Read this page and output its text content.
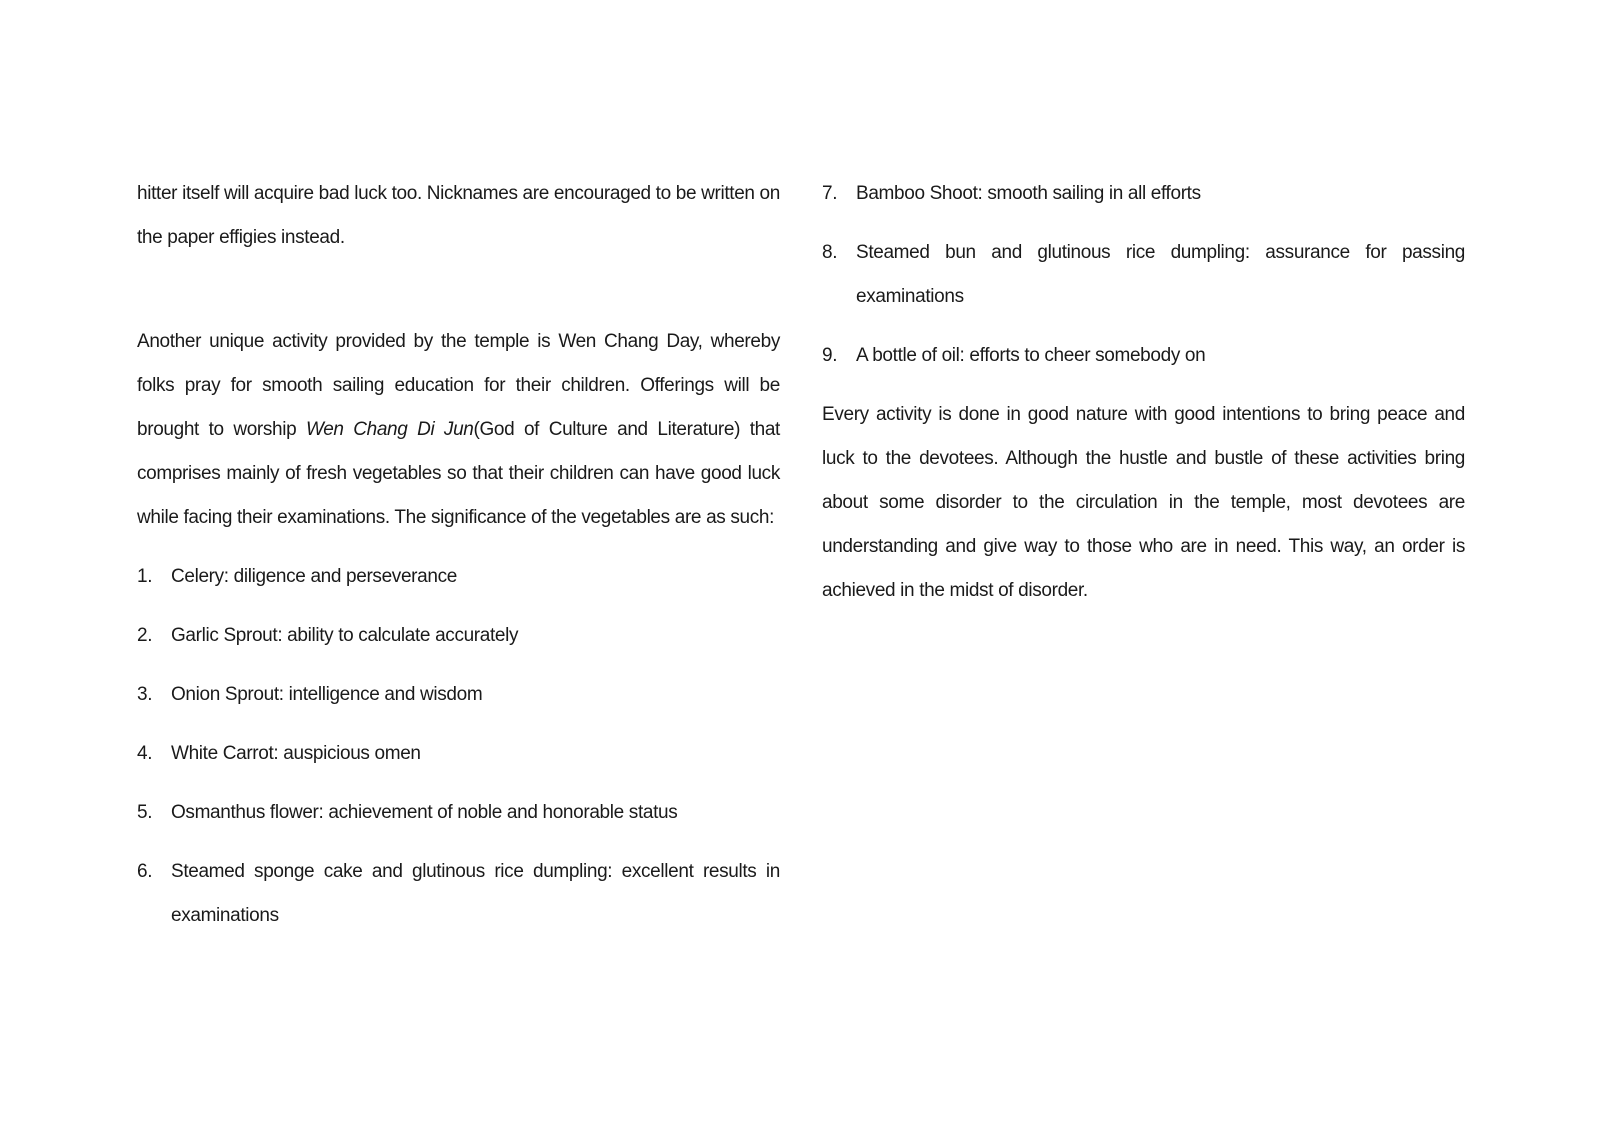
hitter itself will acquire bad luck too. Nicknames are encouraged to be written on the paper effigies instead.

Another unique activity provided by the temple is Wen Chang Day, whereby folks pray for smooth sailing education for their children. Offerings will be brought to worship Wen Chang Di Jun(God of Culture and Literature) that comprises mainly of fresh vegetables so that their children can have good luck while facing their examinations. The significance of the vegetables are as such:

1. Celery: diligence and perseverance
2. Garlic Sprout: ability to calculate accurately
3. Onion Sprout: intelligence and wisdom
4. White Carrot: auspicious omen
5. Osmanthus flower: achievement of noble and honorable status
6. Steamed sponge cake and glutinous rice dumpling: excellent results in examinations
7. Bamboo Shoot: smooth sailing in all efforts
8. Steamed bun and glutinous rice dumpling: assurance for passing examinations
9. A bottle of oil: efforts to cheer somebody on

Every activity is done in good nature with good intentions to bring peace and luck to the devotees. Although the hustle and bustle of these activities bring about some disorder to the circulation in the temple, most devotees are understanding and give way to those who are in need. This way, an order is achieved in the midst of disorder.
